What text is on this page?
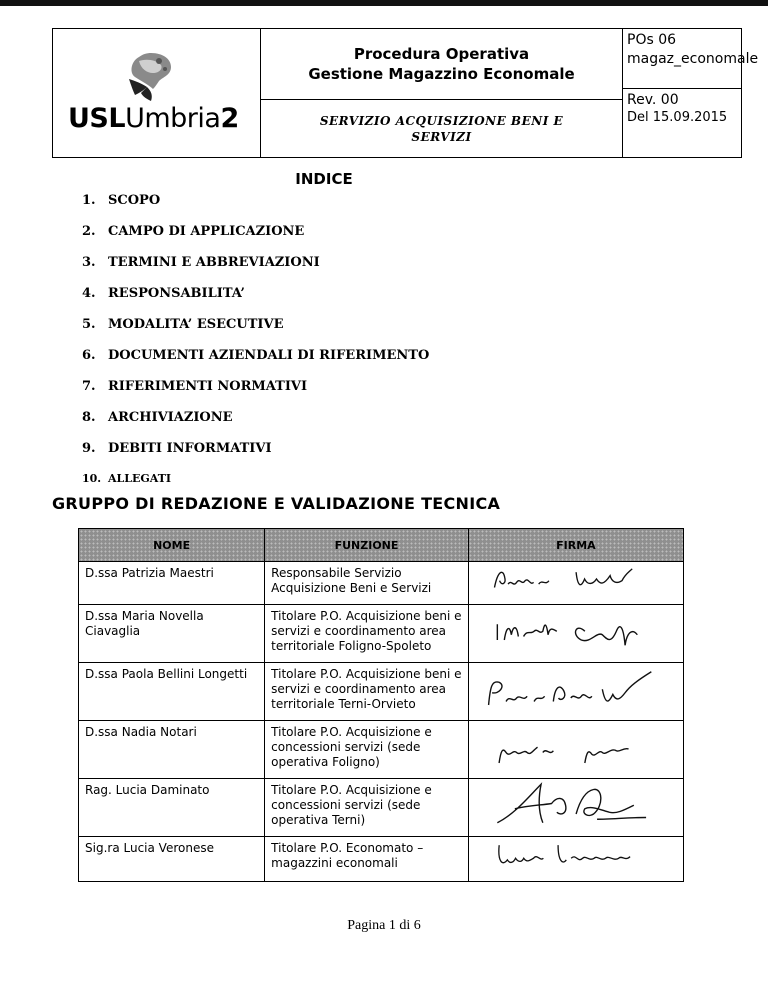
USLUmbria2
Procedura Operativa
Gestione Magazzino Economale
SERVIZIO ACQUISIZIONE BENI E
SERVIZI
POs 06
magaz_economale
Rev. 00
Del 15.09.2015
INDICE
1. SCOPO
2. CAMPO DI APPLICAZIONE
3. TERMINI E ABBREVIAZIONI
4. RESPONSABILITA’
5. MODALITA’ ESECUTIVE
6. DOCUMENTI AZIENDALI DI RIFERIMENTO
7. RIFERIMENTI NORMATIVI
8. ARCHIVIAZIONE
9. DEBITI INFORMATIVI
10. ALLEGATI
GRUPPO DI REDAZIONE E VALIDAZIONE TECNICA
NOME	FUNZIONE	FIRMA
D.ssa Patrizia Maestri	Responsabile Servizio Acquisizione Beni e Servizi	

D.ssa Maria Novella Ciavaglia	Titolare P.O. Acquisizione beni e servizi e coordinamento area territoriale Foligno-Spoleto	

D.ssa Paola Bellini Longetti	Titolare P.O. Acquisizione beni e servizi e coordinamento area territoriale Terni-Orvieto	

D.ssa Nadia Notari	Titolare P.O. Acquisizione e concessioni servizi (sede operativa Foligno)	

Rag. Lucia Daminato	Titolare P.O. Acquisizione e concessioni servizi (sede operativa Terni)	

Sig.ra Lucia Veronese	Titolare P.O. Economato – magazzini economali	
Pagina 1 di 6
